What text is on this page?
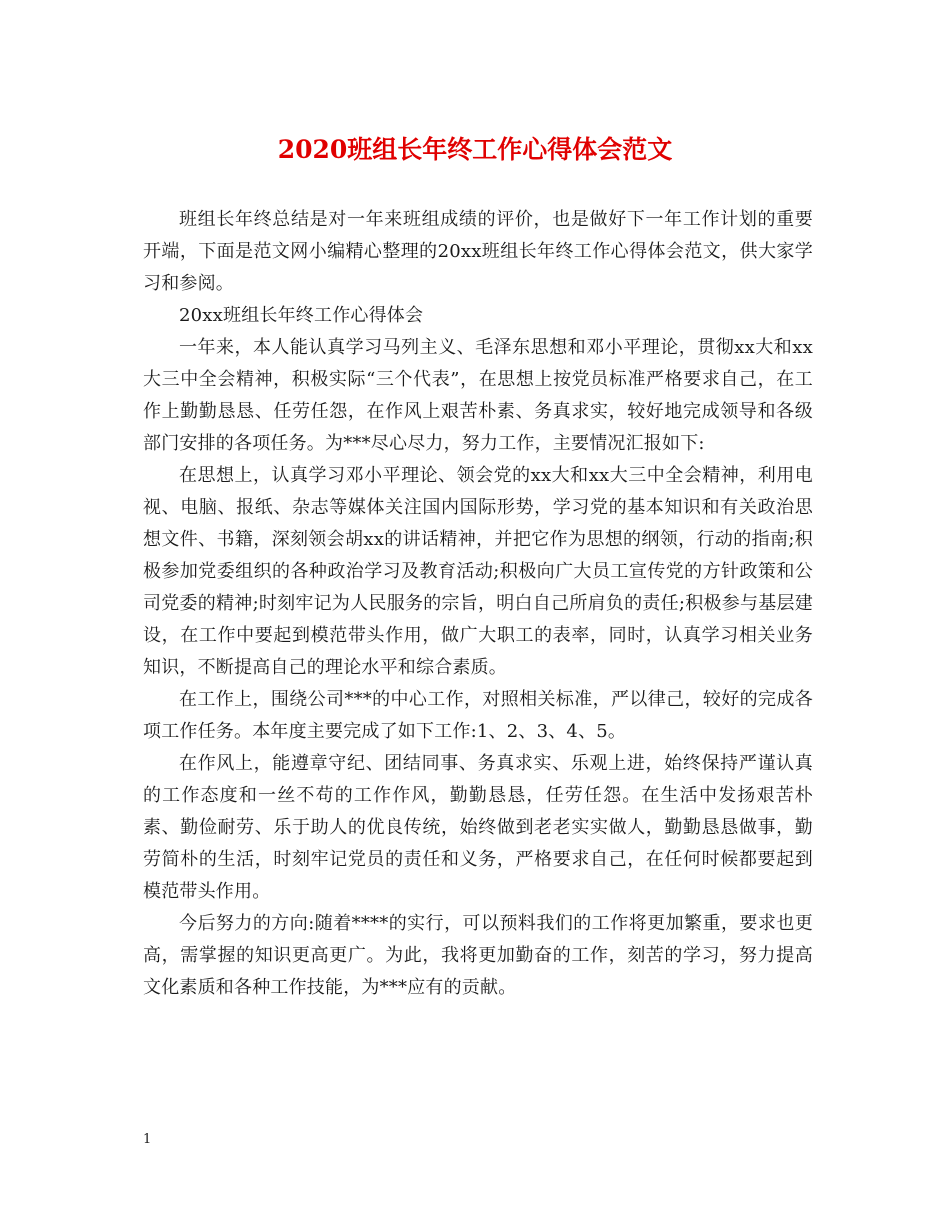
2020班组长年终工作心得体会范文

班组长年终总结是对一年来班组成绩的评价，也是做好下一年工作计划的重要开端，下面是范文网小编精心整理的20xx班组长年终工作心得体会范文，供大家学习和参阅。

20xx班组长年终工作心得体会

一年来，本人能认真学习马列主义、毛泽东思想和邓小平理论，贯彻xx大和xx大三中全会精神，积极实际“三个代表”，在思想上按党员标准严格要求自己，在工作上勤勤恳恳、任劳任怨，在作风上艰苦朴素、务真求实，较好地完成领导和各级部门安排的各项任务。为***尽心尽力，努力工作，主要情况汇报如下:

在思想上，认真学习邓小平理论、领会党的xx大和xx大三中全会精神，利用电视、电脑、报纸、杂志等媒体关注国内国际形势，学习党的基本知识和有关政治思想文件、书籍，深刻领会胡xx的讲话精神，并把它作为思想的纲领，行动的指南;积极参加党委组织的各种政治学习及教育活动;积极向广大员工宣传党的方针政策和公司党委的精神;时刻牢记为人民服务的宗旨，明白自己所肩负的责任;积极参与基层建设，在工作中要起到模范带头作用，做广大职工的表率，同时，认真学习相关业务知识，不断提高自己的理论水平和综合素质。

在工作上，围绕公司***的中心工作，对照相关标准，严以律己，较好的完成各项工作任务。本年度主要完成了如下工作:1、2、3、4、5。

在作风上，能遵章守纪、团结同事、务真求实、乐观上进，始终保持严谨认真的工作态度和一丝不苟的工作作风，勤勤恳恳，任劳任怨。在生活中发扬艰苦朴素、勤俭耐劳、乐于助人的优良传统，始终做到老老实实做人，勤勤恳恳做事，勤劳简朴的生活，时刻牢记党员的责任和义务，严格要求自己，在任何时候都要起到模范带头作用。

今后努力的方向:随着****的实行，可以预料我们的工作将更加繁重，要求也更高，需掌握的知识更高更广。为此，我将更加勤奋的工作，刻苦的学习，努力提高文化素质和各种工作技能，为***应有的贡献。

1
